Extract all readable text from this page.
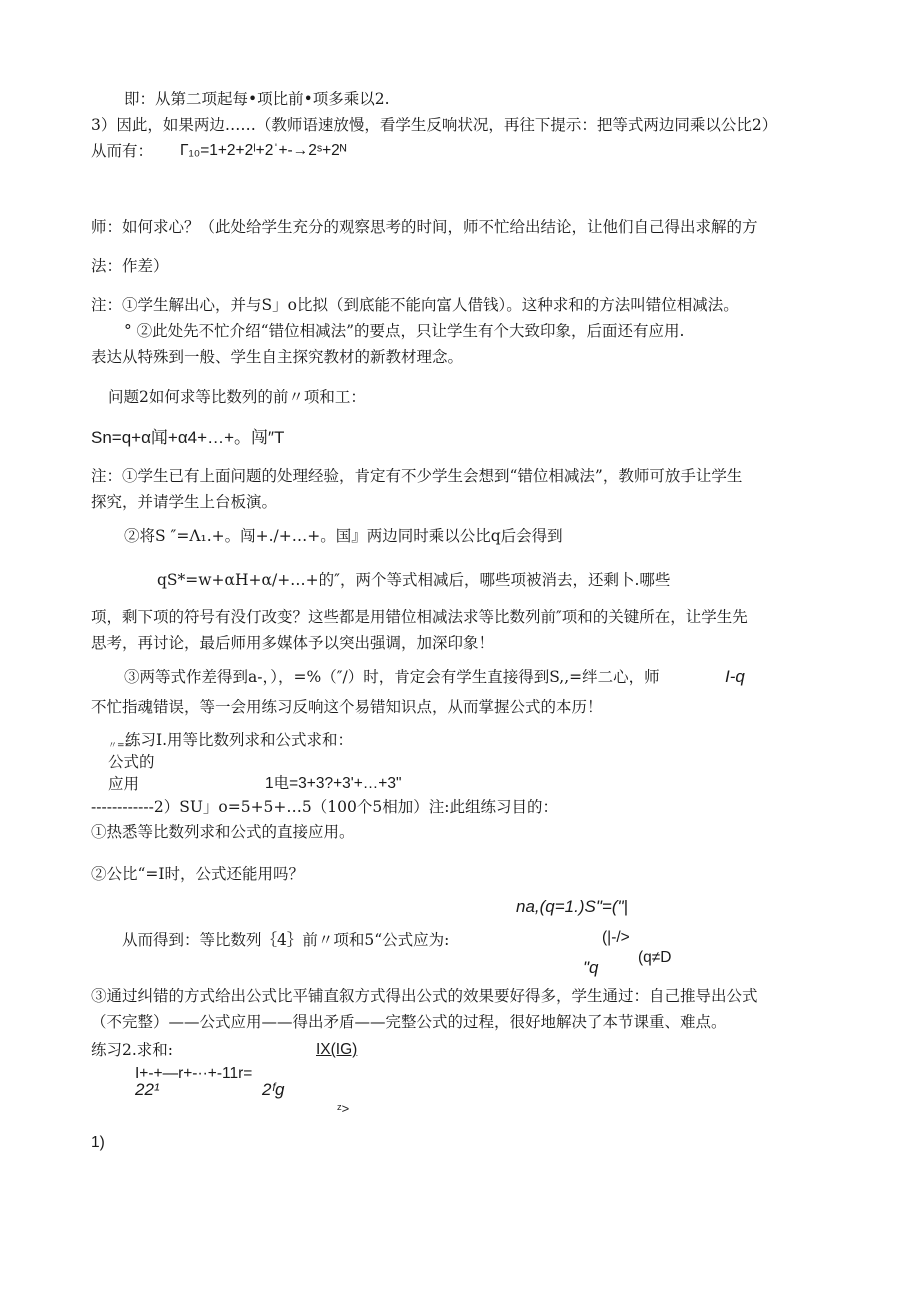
即：从第二项起每•项比前•项多乘以2.
3）因此，如果两边……（教师语速放慢，看学生反响状况，再往下提示：把等式两边同乘以公比2）
从而有： Γ₁₀=1+2+2ˡ+2ˈ+-→2ˢ+2ᴺ
师：如何求心？（此处给学生充分的观察思考的时间，师不忙给出结论，让他们自己得出求解的方
法：作差）
注：①学生解出心，并与S」o比拟（到底能不能向富人借钱）。这种求和的方法叫错位相减法。
° ②此处先不忙介绍“错位相减法”的要点，只让学生有个大致印象，后面还有应用.
表达从特殊到一般、学生自主探究教材的新教材理念。
问题2如何求等比数列的前〃项和工：
Sn=q+α闻+α4+…+。闯″T
注：①学生已有上面问题的处理经验，肯定有不少学生会想到“错位相减法”，教师可放手让学生
探究，并请学生上台板演。
②将S ″=Λ₁.+。闯+./+…+。国』两边同时乘以公比q后会得到
qS*=w+αH+α/+…+的″，两个等式相减后，哪些项被消去，还剩卜.哪些
项，剩下项的符号有没仃改变？这些都是用错位相减法求等比数列前″项和的关键所在，让学生先
思考，再讨论，最后师用多媒体予以突出强调，加深印象！
③两等式作差得到a-，），=%（″/）时，肯定会有学生直接得到S,,=绊二心，师	I-q
不忙指魂错误，等一会用练习反响这个易错知识点，从而掌握公式的本历！
〃==
练习I.用等比数列求和公式求和：
公式的
应用	1电=3+3?+3'+…+3"
------------2）SU」o=5+5+…5（100个5相加）注:此组练习目的：
①热悉等比数列求和公式的直接应用。
②公比“=I时，公式还能用吗？
na,(q=1.)S"=("|
从而得到：等比数列｛4｝前〃项和5“公式应为:	(|-/>
"q
(q≠D
③通过纠错的方式给出公式比平铺直叙方式得出公式的效果要好得多，学生通过：自己推导出公式
（不完整）——公式应用——得出矛盾——完整公式的过程，很好地解决了本节课重、难点。
练习2.求和:	IX(IG)
I+-+—r+-··+-11r=
22¹	2ᶠg
ᶻ>
1)
